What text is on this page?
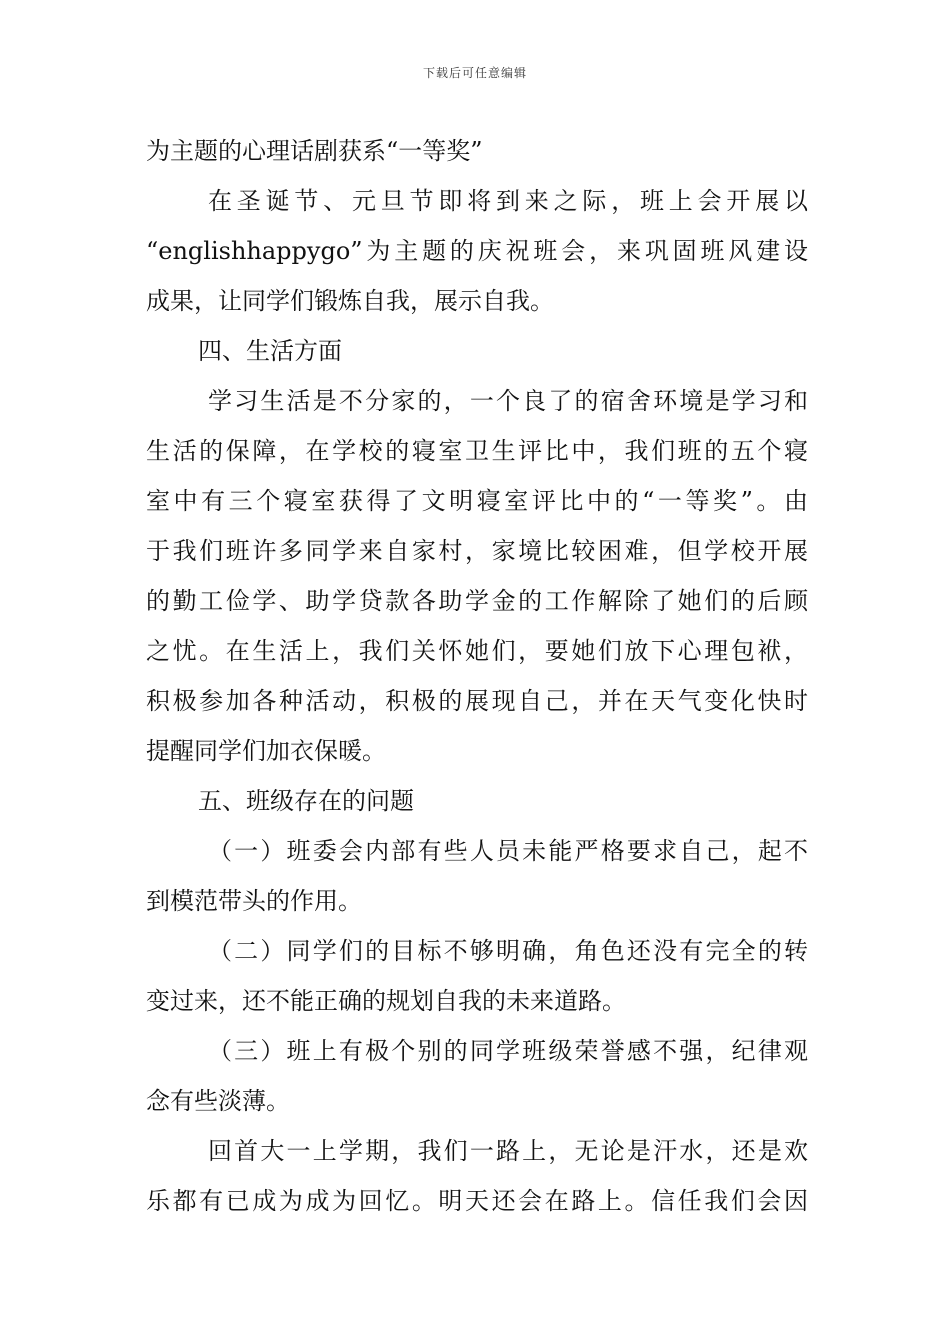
下载后可任意编辑
为主题的心理话剧获系“一等奖”
在圣诞节、元旦节即将到来之际，班上会开展以
“englishhappygo”为主题的庆祝班会，来巩固班风建设
成果，让同学们锻炼自我，展示自我。
四、生活方面
学习生活是不分家的，一个良了的宿舍环境是学习和
生活的保障，在学校的寝室卫生评比中，我们班的五个寝
室中有三个寝室获得了文明寝室评比中的“一等奖”。由
于我们班许多同学来自家村，家境比较困难，但学校开展
的勤工俭学、助学贷款各助学金的工作解除了她们的后顾
之忧。在生活上，我们关怀她们，要她们放下心理包袱，
积极参加各种活动，积极的展现自己，并在天气变化快时
提醒同学们加衣保暖。
五、班级存在的问题
（一）班委会内部有些人员未能严格要求自己，起不
到模范带头的作用。
（二）同学们的目标不够明确，角色还没有完全的转
变过来，还不能正确的规划自我的未来道路。
（三）班上有极个别的同学班级荣誉感不强，纪律观
念有些淡薄。
回首大一上学期，我们一路上，无论是汗水，还是欢
乐都有已成为成为回忆。明天还会在路上。信任我们会因
